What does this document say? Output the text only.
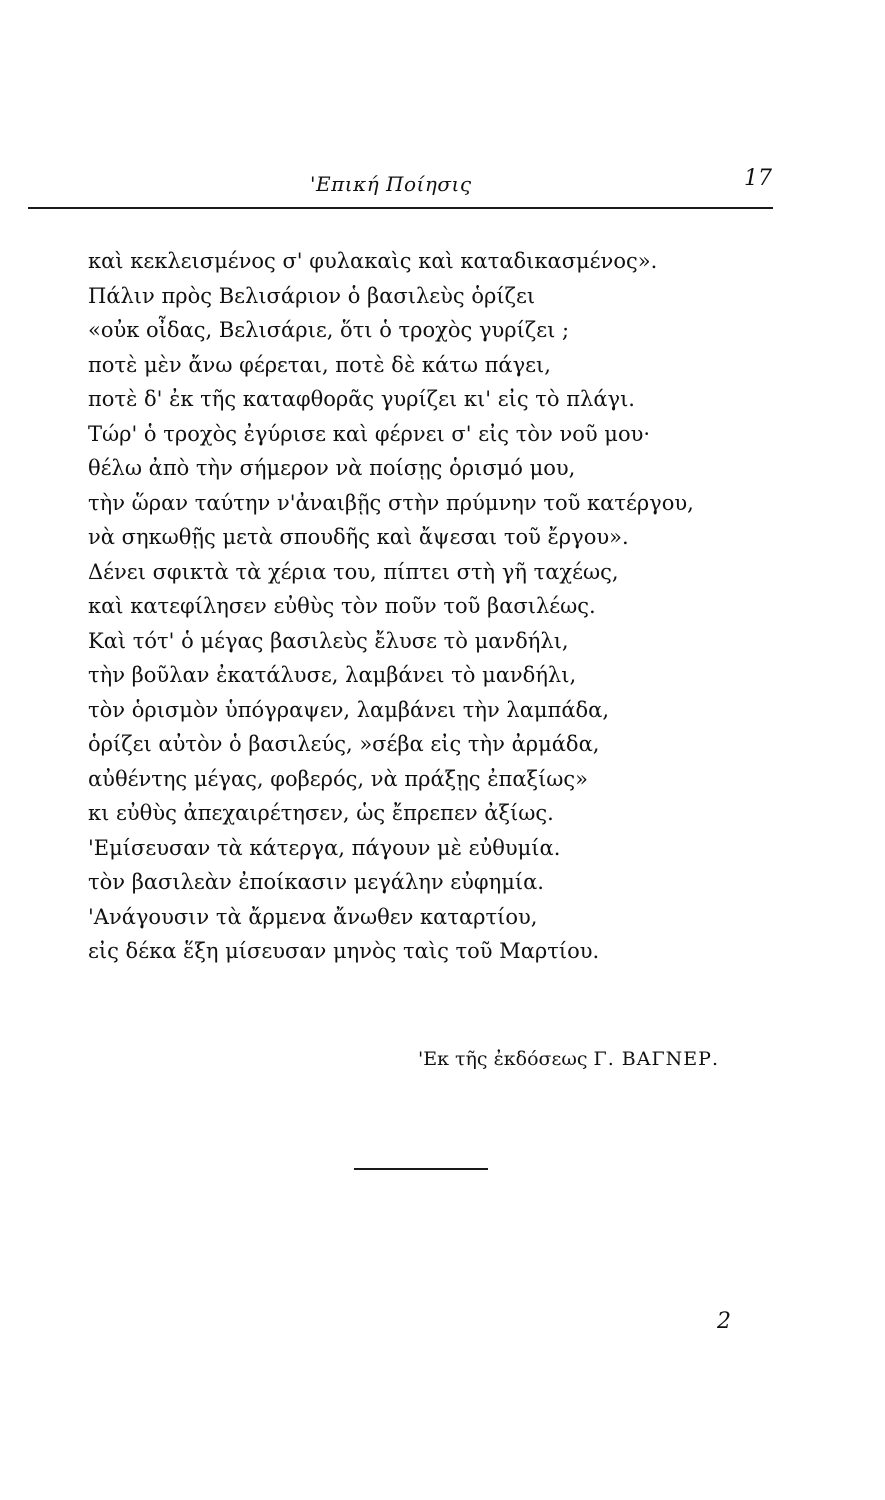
'Επική Ποίησις	17
καὶ κεκλεισμένος σ' φυλακαὶς καὶ καταδικασμένος».
Πάλιν πρὸς Βελισάριον ὁ βασιλεὺς ὁρίζει
«οὐκ οἶδας, Βελισάριε, ὅτι ὁ τροχὸς γυρίζει ;
ποτὲ μὲν ἄνω φέρεται, ποτὲ δὲ κάτω πάγει,
ποτὲ δ' ἐκ τῆς καταφθορᾶς γυρίζει κι' εἰς τὸ πλάγι.
Τώρ' ὁ τροχὸς ἐγύρισε καὶ φέρνει σ' εἰς τὸν νοῦ μου·
θέλω ἀπὸ τὴν σήμερον νὰ ποίσῃς ὁρισμό μου,
τὴν ὥραν ταύτην ν'ἀναιβῇς στὴν πρύμνην τοῦ κατέργου,
νὰ σηκωθῇς μετὰ σπουδῆς καὶ ἄψεσαι τοῦ ἔργου».
Δένει σφικτὰ τὰ χέρια του, πίπτει στὴ γῆ ταχέως,
καὶ κατεφίλησεν εὐθὺς τὸν ποῦν τοῦ βασιλέως.
Καὶ τότ' ὁ μέγας βασιλεὺς ἔλυσε τὸ μανδήλι,
τὴν βοῦλαν ἐκατάλυσε, λαμβάνει τὸ μανδήλι,
τὸν ὁρισμὸν ὑπόγραψεν, λαμβάνει τὴν λαμπάδα,
ὁρίζει αὐτὸν ὁ βασιλεύς, »σέβα εἰς τὴν ἀρμάδα,
αὐθέντης μέγας, φοβερός, νὰ πράξῃς ἐπαξίως»
κι εὐθὺς ἀπεχαιρέτησεν, ὡς ἔπρεπεν ἀξίως.
'Εμίσευσαν τὰ κάτεργα, πάγουν μὲ εὐθυμία.
τὸν βασιλεὰν ἐποίκασιν μεγάλην εὐφημία.
'Ανάγουσιν τὰ ἄρμενα ἄνωθεν καταρτίου,
εἰς δέκα ἕξη μίσευσαν μηνὸς ταὶς τοῦ Μαρτίου.
'Εκ τῆς ἐκδόσεως Γ. ΒΑΓΝΕΡ.
2
